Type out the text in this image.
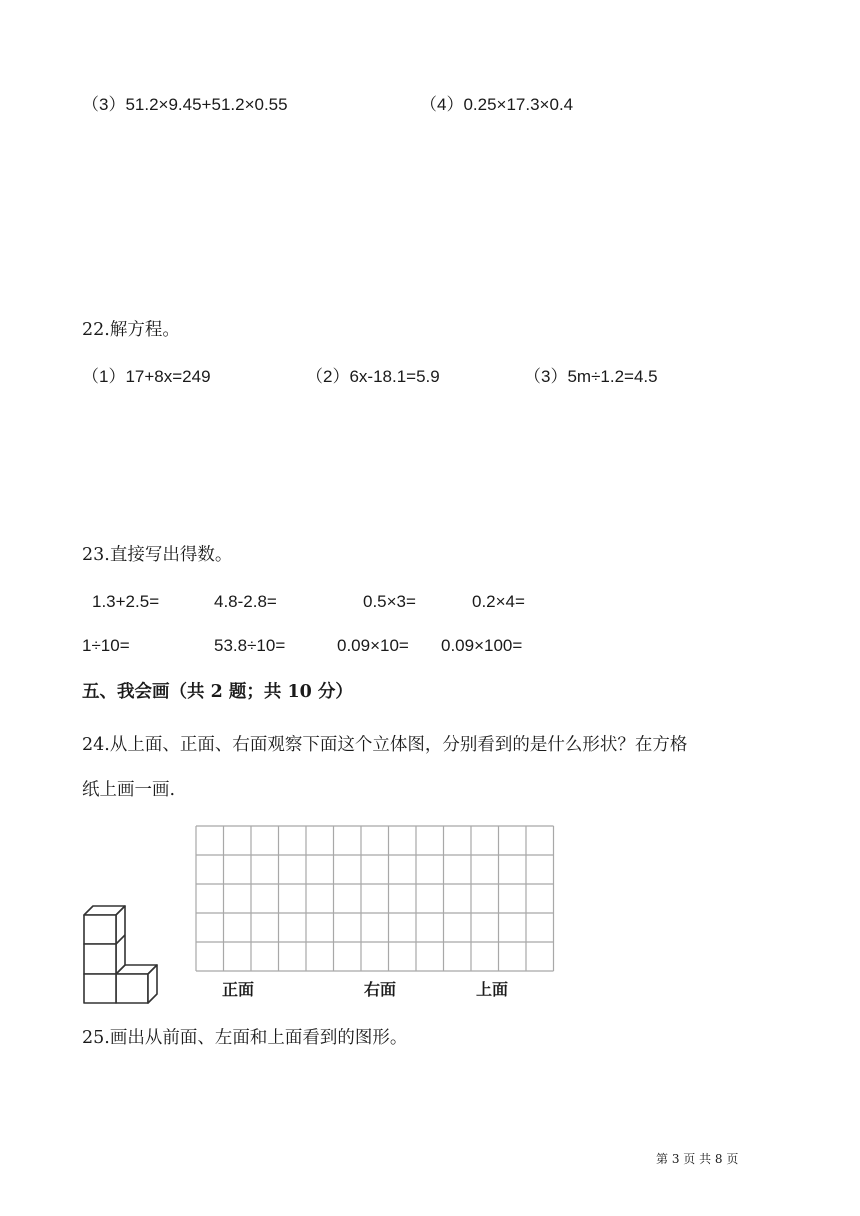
（3）51.2×9.45+51.2×0.55	（4）0.25×17.3×0.4
22.解方程。
（1）17+8x=249	（2）6x-18.1=5.9	（3）5m÷1.2=4.5
23.直接写出得数。
1.3+2.5=	4.8-2.8=	0.5×3=	0.2×4=
1÷10=	53.8÷10=	0.09×10= 0.09×100=
五、我会画（共 2 题；共 10 分）
24.从上面、正面、右面观察下面这个立体图，分别看到的是什么形状？在方格
纸上画一画.
正面	右面	上面
25.画出从前面、左面和上面看到的图形。
第 3 页 共 8 页
